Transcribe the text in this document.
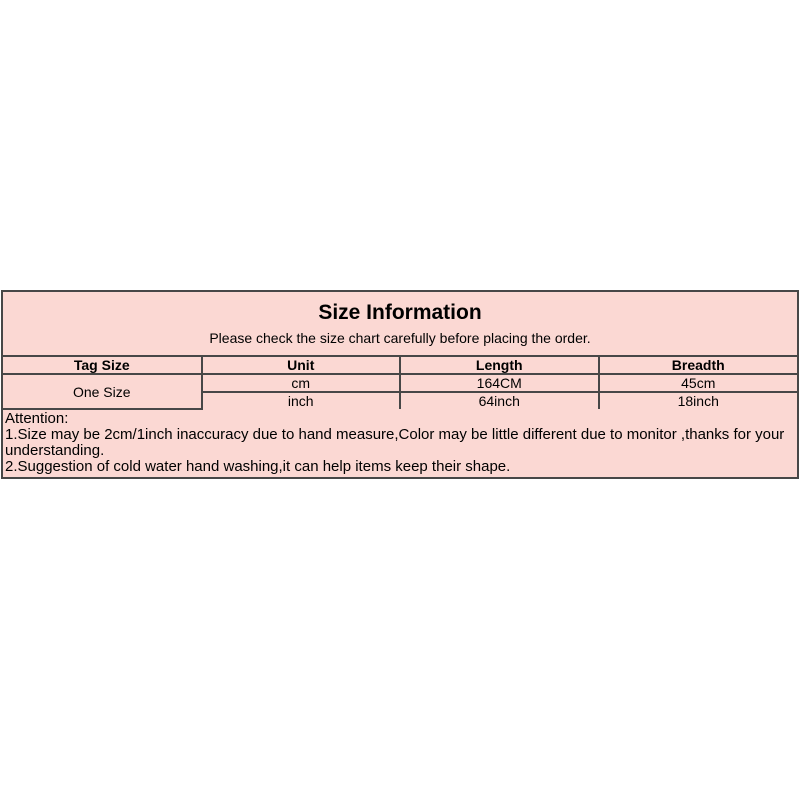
Size Information
Please check the size chart carefully before placing the order.
Tag Size	Unit	Length	Breadth
One Size	cm	164CM	45cm
	inch	64inch	18inch
Attention:
1.Size may be 2cm/1inch inaccuracy due to hand measure,Color may be little different due to monitor ,thanks for your understanding.
2.Suggestion of cold water hand washing,it can help items keep their shape.
